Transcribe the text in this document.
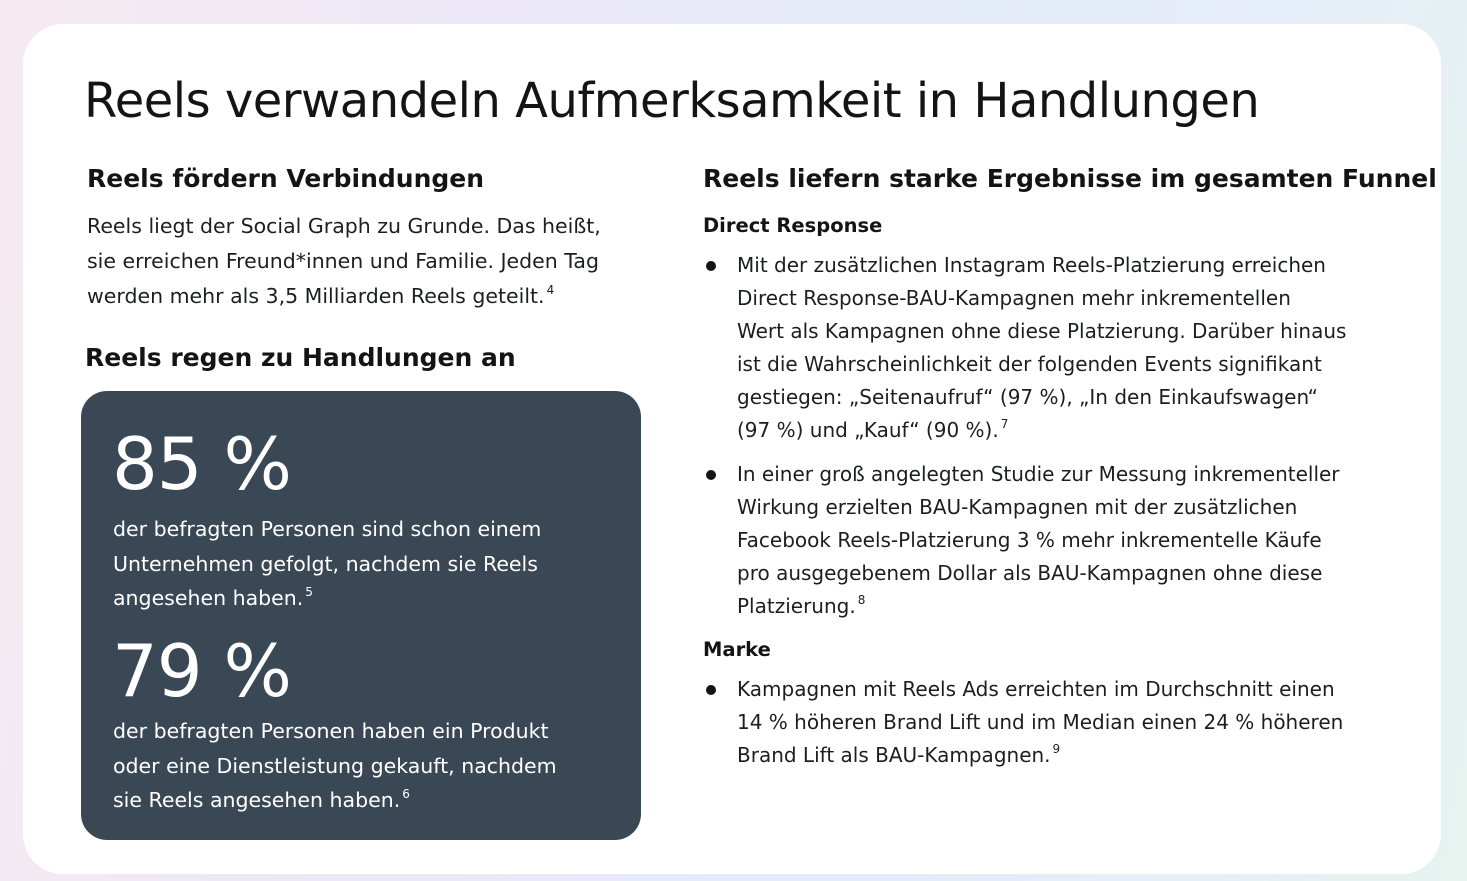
Reels verwandeln Aufmerksamkeit in Handlungen
Reels fördern Verbindungen

Reels liegt der Social Graph zu Grunde. Das heißt,
sie erreichen Freund*innen und Familie. Jeden Tag
werden mehr als 3,5 Milliarden Reels geteilt. $^4$

Reels regen zu Handlungen an
85 %

der befragten Personen sind schon einem
Unternehmen gefolgt, nachdem sie Reels
angesehen haben. $^5$

79 %

der befragten Personen haben ein Produkt
oder eine Dienstleistung gekauft, nachdem
sie Reels angesehen haben. $^6$

Reels liefern starke Ergebnisse im gesamten Funnel
Direct Response
Mit der zusätzlichen Instagram Reels-Platzierung erreichen
Direct Response-BAU-Kampagnen mehr inkrementellen
Wert als Kampagnen ohne diese Platzierung. Darüber hinaus
ist die Wahrscheinlichkeit der folgenden Events signifikant
gestiegen: „Seitenaufruf“ (97 %), „In den Einkaufswagen“
(97 %) und „Kauf“ (90 %). $^7$
In einer groß angelegten Studie zur Messung inkrementeller
Wirkung erzielten BAU-Kampagnen mit der zusätzlichen
Facebook Reels-Platzierung 3 % mehr inkrementelle Käufe
pro ausgegebenem Dollar als BAU-Kampagnen ohne diese
Platzierung. $^8$
Marke
Kampagnen mit Reels Ads erreichten im Durchschnitt einen
14 % höheren Brand Lift und im Median einen 24 % höheren
Brand Lift als BAU-Kampagnen. $^9$
